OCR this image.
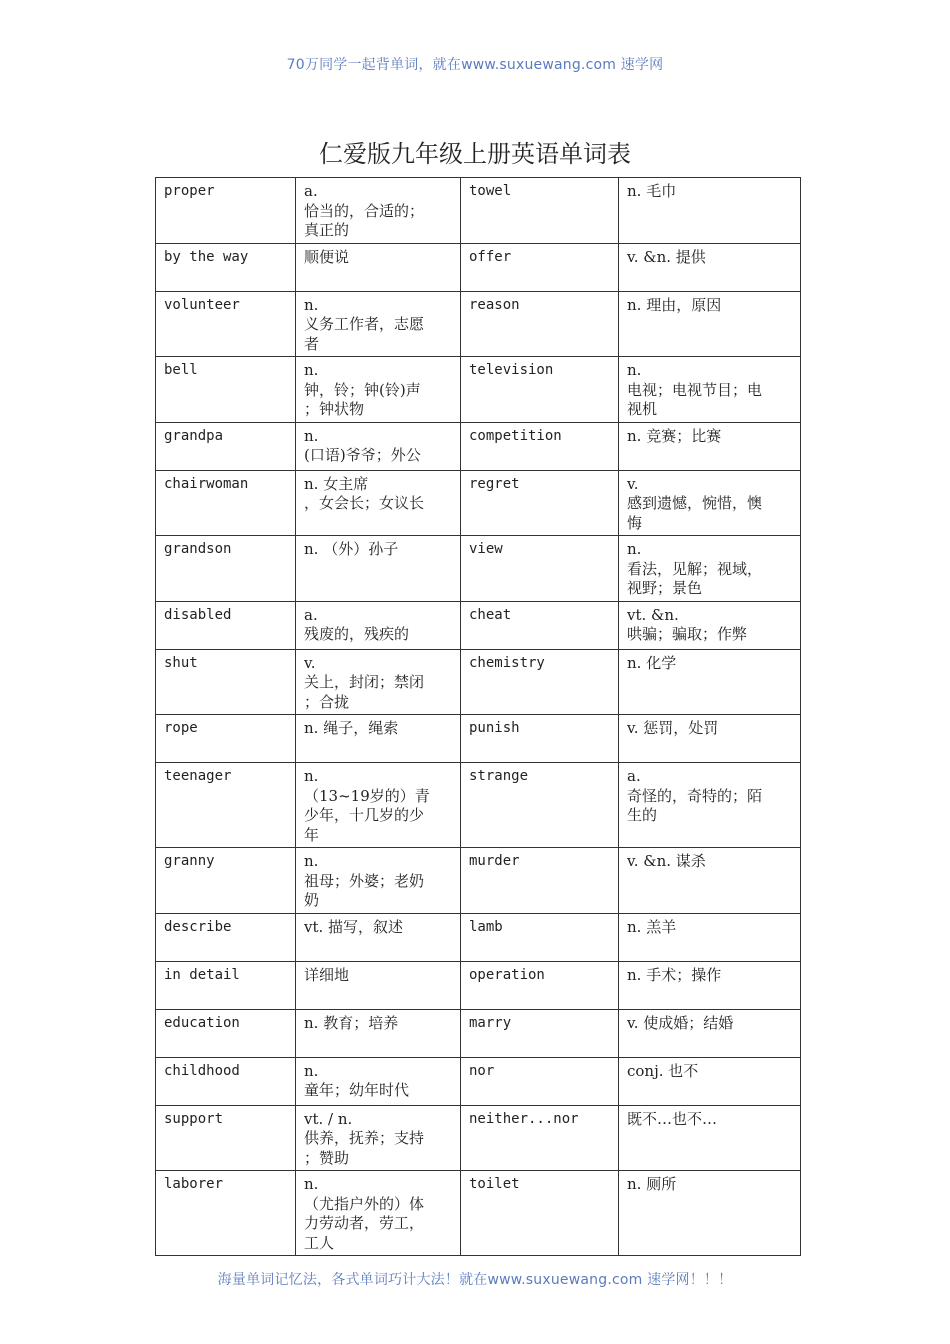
70万同学一起背单词，就在www.suxuewang.com 速学网
仁爱版九年级上册英语单词表
proper	a.
恰当的，合适的；
真正的	towel	n. 毛巾
by the way	顺便说	offer	v. &n. 提供
volunteer	n.
义务工作者，志愿
者	reason	n. 理由，原因
bell	n.
钟，铃；钟(铃)声
；钟状物	television	n.
电视；电视节目；电
视机
grandpa	n.
(口语)爷爷；外公	competition	n. 竞赛；比赛
chairwoman	n. 女主席
，女会长；女议长	regret	v.
感到遗憾，惋惜，懊
悔
grandson	n. （外）孙子	view	n.
看法，见解；视域，
视野；景色
disabled	a.
残废的，残疾的	cheat	vt. &n.
哄骗；骗取；作弊
shut	v.
关上，封闭；禁闭
；合拢	chemistry	n. 化学
rope	n. 绳子，绳索	punish	v. 惩罚，处罚
teenager	n.
（13~19岁的）青
少年，十几岁的少
年	strange	a.
奇怪的，奇特的；陌
生的
granny	n.
祖母；外婆；老奶
奶	murder	v. &n. 谋杀
describe	vt. 描写，叙述	lamb	n. 羔羊
in detail	详细地	operation	n. 手术；操作
education	n. 教育；培养	marry	v. 使成婚；结婚
childhood	n.
童年；幼年时代	nor	conj. 也不
support	vt. / n.
供养，抚养；支持
；赞助	neither...nor	既不…也不…
laborer	n.
（尤指户外的）体
力劳动者，劳工，
工人	toilet	n. 厕所
海量单词记忆法，各式单词巧计大法！就在www.suxuewang.com 速学网！！！
